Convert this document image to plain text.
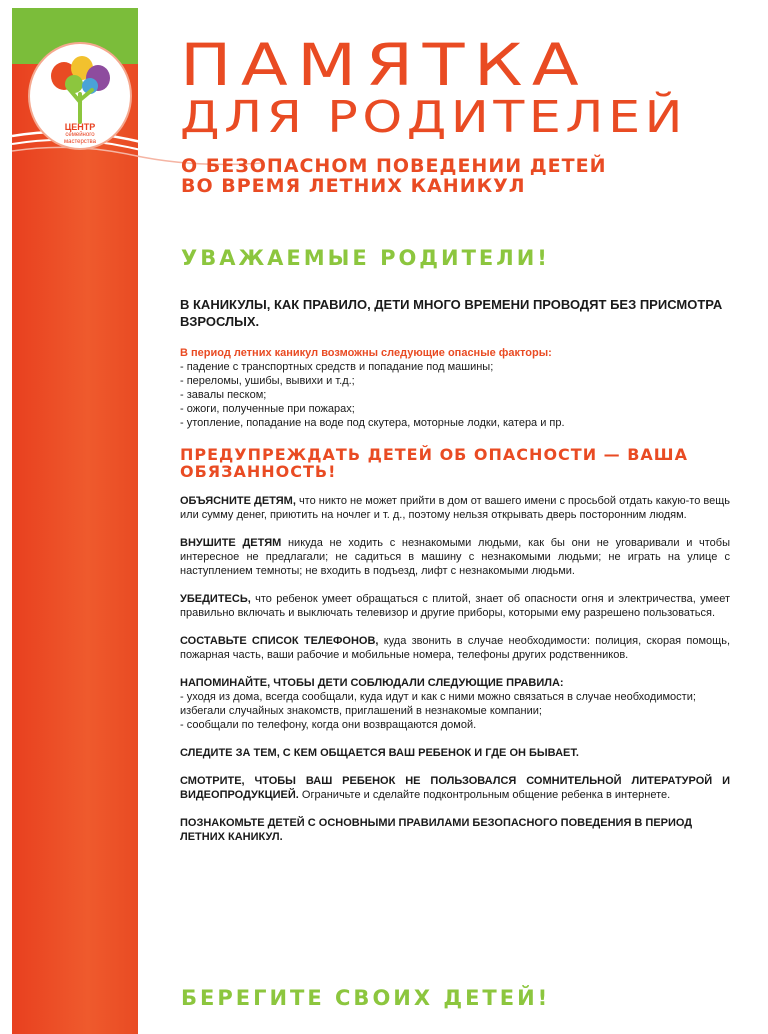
ЦЕНТР
семейного
мастерства

ПАМЯТКА

ДЛЯ РОДИТЕЛЕЙ

О БЕЗОПАСНОМ ПОВЕДЕНИИ ДЕТЕЙ
ВО ВРЕМЯ ЛЕТНИХ КАНИКУЛ
УВАЖАЕМЫЕ РОДИТЕЛИ!

В КАНИКУЛЫ, КАК ПРАВИЛО, ДЕТИ МНОГО ВРЕМЕНИ ПРОВОДЯТ БЕЗ ПРИСМОТРА ВЗРОСЛЫХ.

В период летних каникул возможны следующие опасные факторы:

- падение с транспортных средств и попадание под машины;

- переломы, ушибы, вывихи и т.д.;

- завалы песком;

- ожоги, полученные при пожарах;

- утопление, попадание на воде под скутера, моторные лодки, катера и пр.

ПРЕДУПРЕЖДАТЬ ДЕТЕЙ ОБ ОПАСНОСТИ — ВАША ОБЯЗАННОСТЬ!

ОБЪЯСНИТЕ ДЕТЯМ, что никто не может прийти в дом от вашего имени с просьбой отдать какую-то вещь или сумму денег, приютить на ночлег и т. д., поэтому нельзя открывать дверь посторонним людям.

ВНУШИТЕ ДЕТЯМ никуда не ходить с незнакомыми людьми, как бы они не уговаривали и чтобы интересное не предлагали; не садиться в машину с незнакомыми людьми; не играть на улице с наступлением темноты; не входить в подъезд, лифт с незнакомыми людьми.

УБЕДИТЕСЬ, что ребенок умеет обращаться с плитой, знает об опасности огня и электричества, умеет правильно включать и выключать телевизор и другие приборы, которыми ему разрешено пользоваться.

СОСТАВЬТЕ СПИСОК ТЕЛЕФОНОВ, куда звонить в случае необходимости: полиция, скорая помощь, пожарная часть, ваши рабочие и мобильные номера, телефоны других родственников.

НАПОМИНАЙТЕ, ЧТОБЫ ДЕТИ СОБЛЮДАЛИ СЛЕДУЮЩИЕ ПРАВИЛА:

- уходя из дома, всегда сообщали, куда идут и как с ними можно связаться в случае необходимости;

избегали случайных знакомств, приглашений в незнакомые компании;

- сообщали по телефону, когда они возвращаются домой.

СЛЕДИТЕ ЗА ТЕМ, С КЕМ ОБЩАЕТСЯ ВАШ РЕБЕНОК И ГДЕ ОН БЫВАЕТ.

СМОТРИТЕ, ЧТОБЫ ВАШ РЕБЕНОК НЕ ПОЛЬЗОВАЛСЯ СОМНИТЕЛЬНОЙ ЛИТЕРАТУРОЙ И ВИДЕОПРОДУКЦИЕЙ. Ограничьте и сделайте подконтрольным общение ребенка в интернете.

ПОЗНАКОМЬТЕ ДЕТЕЙ С ОСНОВНЫМИ ПРАВИЛАМИ БЕЗОПАСНОГО ПОВЕДЕНИЯ В ПЕРИОД ЛЕТНИХ КАНИКУЛ.

БЕРЕГИТЕ СВОИХ ДЕТЕЙ!
